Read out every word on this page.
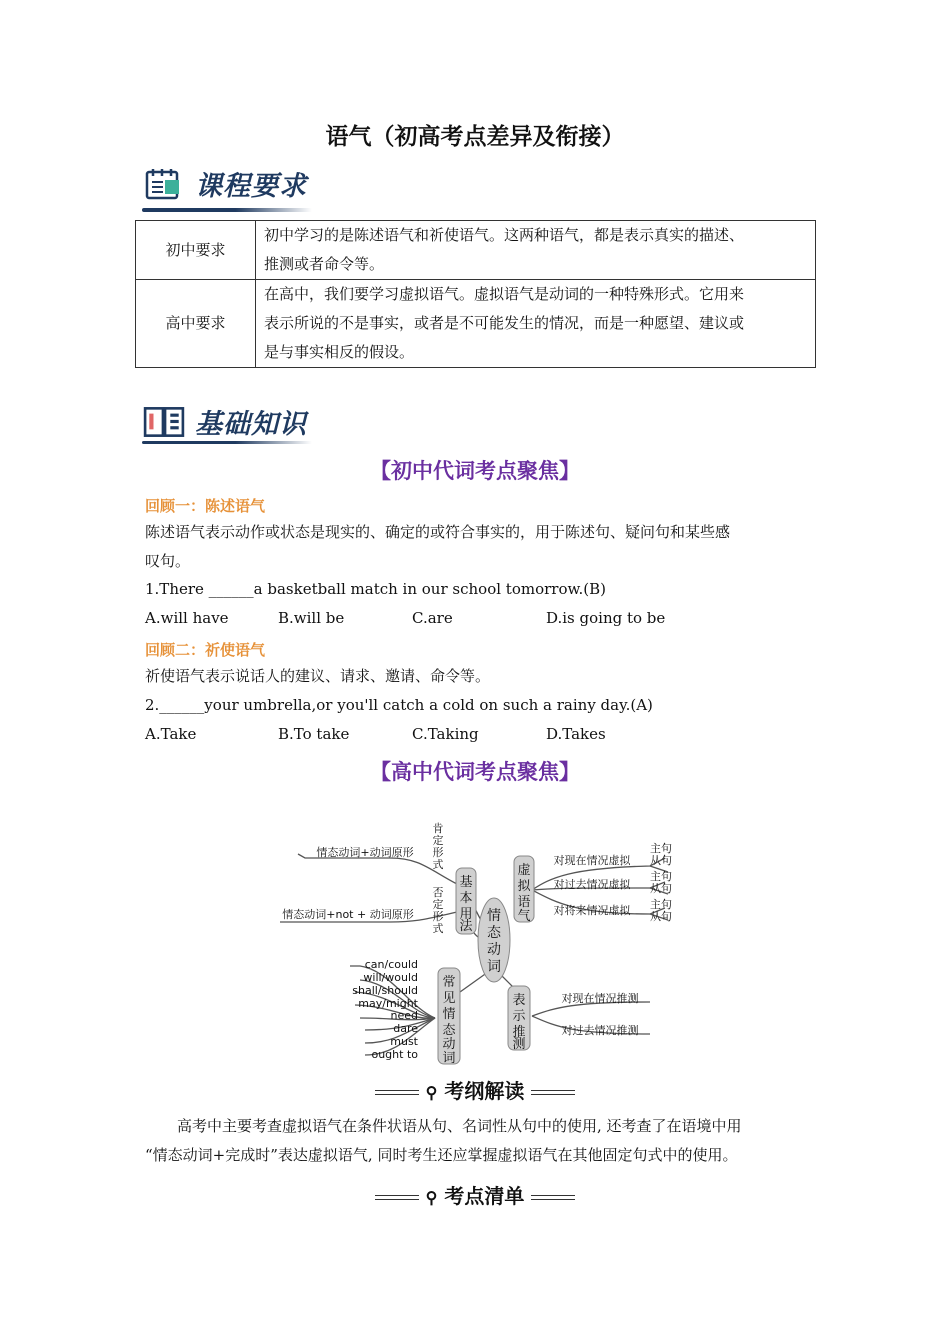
语气（初高考点差异及衔接）
课程要求
初中要求	初中学习的是陈述语气和祈使语气。这两种语气，都是表示真实的描述、
推测或者命令等。

高中要求	在高中，我们要学习虚拟语气。虚拟语气是动词的一种特殊形式。它用来
表示所说的不是事实，或者是不可能发生的情况，而是一种愿望、建议或
是与事实相反的假设。
基础知识
【初中代词考点聚焦】
回顾一：陈述语气
陈述语气表示动作或状态是现实的、确定的或符合事实的，用于陈述句、疑问句和某些感
叹句。
1.There ______a basketball match in our school tomorrow.(B)
A.will have	B.will be	C.are	D.is going to be
回顾二：祈使语气
祈使语气表示说话人的建议、请求、邀请、命令等。
2.______your umbrella,or you'll catch a cold on such a rainy day.(A)
A.Take	B.To take	C.Taking	D.Takes
【高中代词考点聚焦】
情
态
动
词
基
本
用
法
肯
定
形
式
否
定
形
式
情态动词+动词原形
情态动词+not + 动词原形
虚
拟
语
气
对现在情况虚拟
对过去情况虚拟
对将来情况虚拟
主句
从句
主句
从句
主句
从句
常
见
情
态
动
词
can/could
will/would
shall/should
may/might
need
dare
must
ought to
表
示
推
测
对现在情况推测
对过去情况推测
⚲ 考纲解读
高考中主要考查虚拟语气在条件状语从句、名词性从句中的使用, 还考查了在语境中用
“情态动词+完成时”表达虚拟语气, 同时考生还应掌握虚拟语气在其他固定句式中的使用。
⚲ 考点清单
